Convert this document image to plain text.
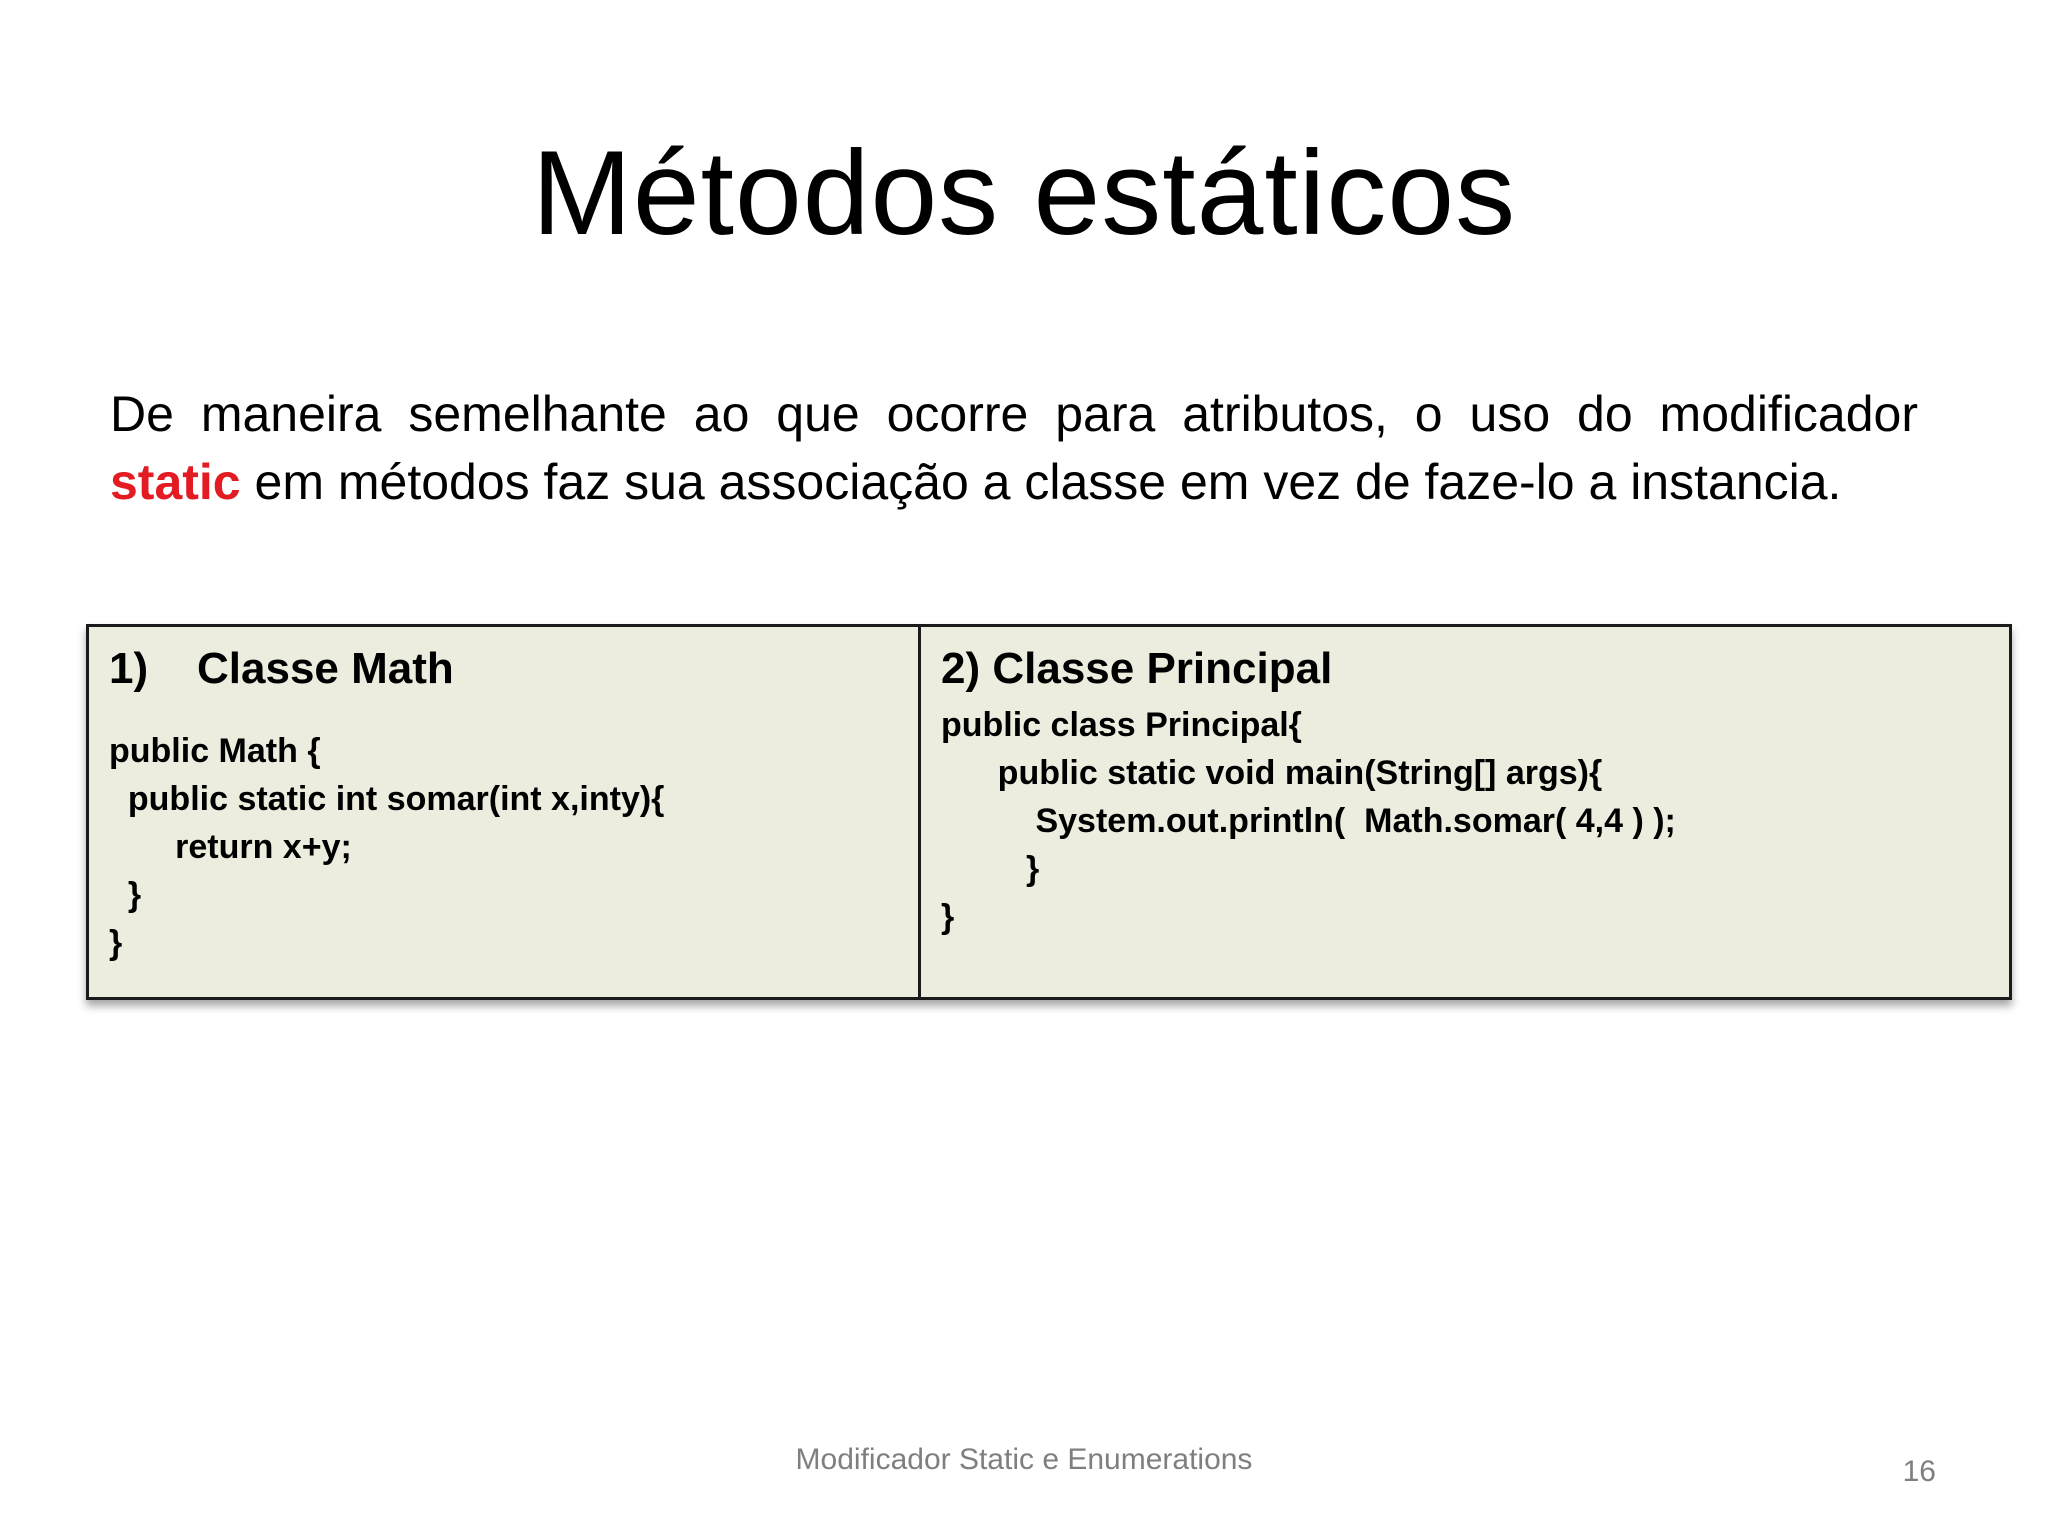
Métodos estáticos

De maneira semelhante ao que ocorre para atributos, o uso do modificador static em métodos faz sua associação a classe em vez de faze-lo a instancia.

1)    Classe Math
public Math {
public static int somar(int x,inty){
return x+y;
}
}
2) Classe Principal
public class Principal{
public static void main(String[] args){
System.out.println(  Math.somar( 4,4 ) );
}
}
Modificador Static e Enumerations	16
